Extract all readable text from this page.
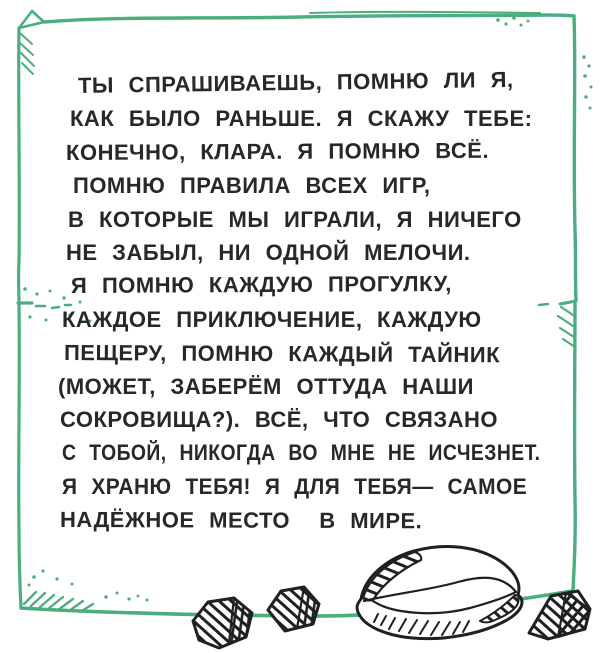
ТЫ СПРАШИВАЕШЬ, ПОМНЮ ЛИ Я,
КАК БЫЛО РАНЬШЕ. Я СКАЖУ ТЕБЕ:
КОНЕЧНО, КЛАРА. Я ПОМНЮ ВСЁ.
ПОМНЮ ПРАВИЛА ВСЕХ ИГР,
В КОТОРЫЕ МЫ ИГРАЛИ, Я НИЧЕГО
НЕ ЗАБЫЛ, НИ ОДНОЙ МЕЛОЧИ.
Я ПОМНЮ КАЖДУЮ ПРОГУЛКУ,
КАЖДОЕ ПРИКЛЮЧЕНИЕ, КАЖДУЮ
ПЕЩЕРУ, ПОМНЮ КАЖДЫЙ ТАЙНИК
(МОЖЕТ, ЗАБЕРЁМ ОТТУДА НАШИ
СОКРОВИЩА?). ВСЁ, ЧТО СВЯЗАНО
С ТОБОЙ, НИКОГДА ВО МНЕ НЕ ИСЧЕЗНЕТ.
Я ХРАНЮ ТЕБЯ! Я ДЛЯ ТЕБЯ— САМОЕ
НАДЁЖНОЕ МЕСТО  В МИРЕ.
